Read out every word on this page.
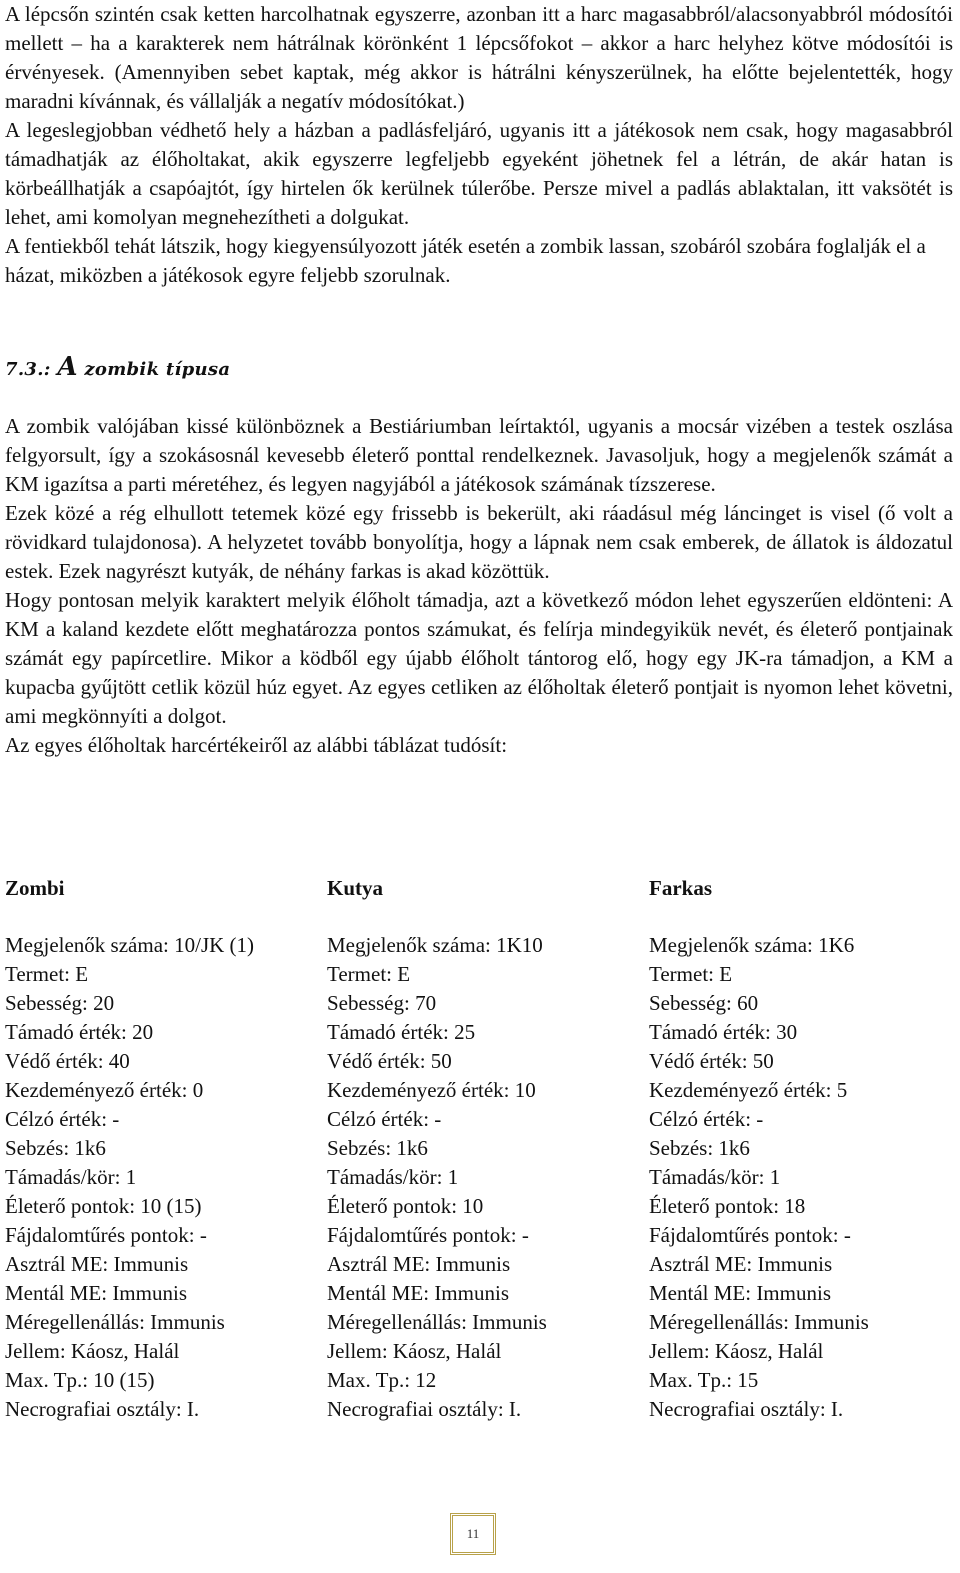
A lépcsőn szintén csak ketten harcolhatnak egyszerre, azonban itt a harc magasabbról/alacsonyabbról módosítói mellett – ha a karakterek nem hátrálnak körönként 1 lépcsőfokot – akkor a harc helyhez kötve módosítói is érvényesek. (Amennyiben sebet kaptak, még akkor is hátrálni kényszerülnek, ha előtte bejelentették, hogy maradni kívánnak, és vállalják a negatív módosítókat.)

A legeslegjobban védhető hely a házban a padlásfeljáró, ugyanis itt a játékosok nem csak, hogy magasabbról támadhatják az élőholtakat, akik egyszerre legfeljebb egyeként jöhetnek fel a létrán, de akár hatan is körbeállhatják a csapóajtót, így hirtelen ők kerülnek túlerőbe. Persze mivel a padlás ablaktalan, itt vaksötét is lehet, ami komolyan megnehezítheti a dolgukat.

A fentiekből tehát látszik, hogy kiegyensúlyozott játék esetén a zombik lassan, szobáról szobára foglalják el a házat, miközben a játékosok egyre feljebb szorulnak.

7.3.: A zombik típusa

A zombik valójában kissé különböznek a Bestiáriumban leírtaktól, ugyanis a mocsár vizében a testek oszlása felgyorsult, így a szokásosnál kevesebb életerő ponttal rendelkeznek. Javasoljuk, hogy a megjelenők számát a KM igazítsa a parti méretéhez, és legyen nagyjából a játékosok számának tízszerese.

Ezek közé a rég elhullott tetemek közé egy frissebb is bekerült, aki ráadásul még láncinget is visel (ő volt a rövidkard tulajdonosa). A helyzetet tovább bonyolítja, hogy a lápnak nem csak emberek, de állatok is áldozatul estek. Ezek nagyrészt kutyák, de néhány farkas is akad közöttük.

Hogy pontosan melyik karaktert melyik élőholt támadja, azt a következő módon lehet egyszerűen eldönteni: A KM a kaland kezdete előtt meghatározza pontos számukat, és felírja mindegyikük nevét, és életerő pontjainak számát egy papírcetlire. Mikor a ködből egy újabb élőholt tántorog elő, hogy egy JK-ra támadjon, a KM a kupacba gyűjtött cetlik közül húz egyet. Az egyes cetliken az élőholtak életerő pontjait is nyomon lehet követni, ami megkönnyíti a dolgot.

Az egyes élőholtak harcértékeiről az alábbi táblázat tudósít:

Zombi

Megjelenők száma: 10/JK (1)
Termet: E
Sebesség: 20
Támadó érték: 20
Védő érték: 40
Kezdeményező érték: 0
Célzó érték: -
Sebzés: 1k6
Támadás/kör: 1
Életerő pontok: 10 (15)
Fájdalomtűrés pontok: -
Asztrál ME: Immunis
Mentál ME: Immunis
Méregellenállás: Immunis
Jellem: Káosz, Halál
Max. Tp.: 10 (15)
Necrografiai osztály: I.

Kutya

Megjelenők száma: 1K10
Termet: E
Sebesség: 70
Támadó érték: 25
Védő érték: 50
Kezdeményező érték: 10
Célzó érték: -
Sebzés: 1k6
Támadás/kör: 1
Életerő pontok: 10
Fájdalomtűrés pontok: -
Asztrál ME: Immunis
Mentál ME: Immunis
Méregellenállás: Immunis
Jellem: Káosz, Halál
Max. Tp.: 12
Necrografiai osztály: I.

Farkas

Megjelenők száma: 1K6
Termet: E
Sebesség: 60
Támadó érték: 30
Védő érték: 50
Kezdeményező érték: 5
Célzó érték: -
Sebzés: 1k6
Támadás/kör: 1
Életerő pontok: 18
Fájdalomtűrés pontok: -
Asztrál ME: Immunis
Mentál ME: Immunis
Méregellenállás: Immunis
Jellem: Káosz, Halál
Max. Tp.: 15
Necrografiai osztály: I.
11
